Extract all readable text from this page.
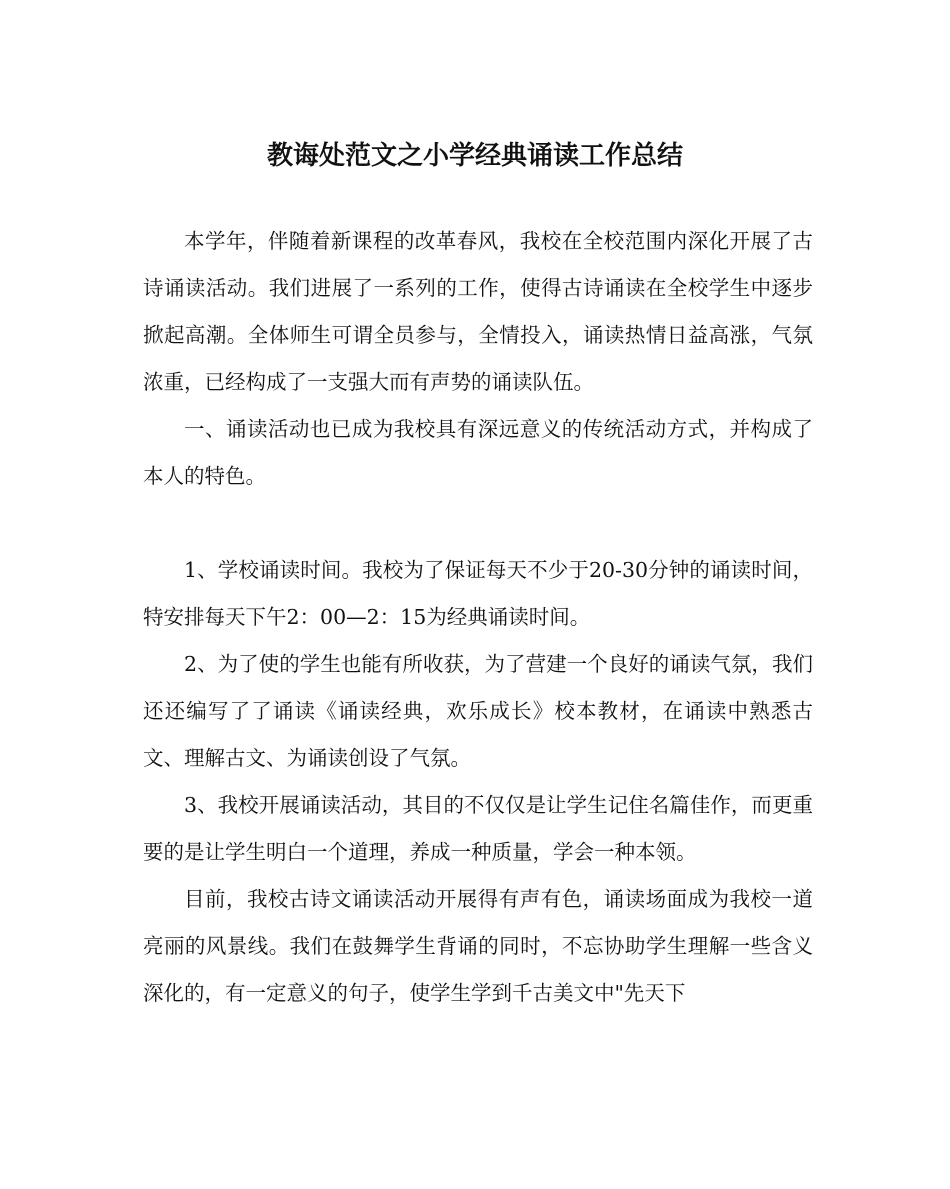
教诲处范文之小学经典诵读工作总结

本学年，伴随着新课程的改革春风，我校在全校范围内深化开展了古诗诵读活动。我们进展了一系列的工作，使得古诗诵读在全校学生中逐步掀起高潮。全体师生可谓全员参与，全情投入，诵读热情日益高涨，气氛浓重，已经构成了一支强大而有声势的诵读队伍。

一、诵读活动也已成为我校具有深远意义的传统活动方式，并构成了本人的特色。

1、学校诵读时间。我校为了保证每天不少于20-30分钟的诵读时间，特安排每天下午2：00—2：15为经典诵读时间。

2、为了使的学生也能有所收获，为了营建一个良好的诵读气氛，我们还还编写了了诵读《诵读经典，欢乐成长》校本教材，在诵读中熟悉古文、理解古文、为诵读创设了气氛。

3、我校开展诵读活动，其目的不仅仅是让学生记住名篇佳作，而更重要的是让学生明白一个道理，养成一种质量，学会一种本领。

目前，我校古诗文诵读活动开展得有声有色，诵读场面成为我校一道亮丽的风景线。我们在鼓舞学生背诵的同时，不忘协助学生理解一些含义深化的，有一定意义的句子，使学生学到千古美文中"先天下
